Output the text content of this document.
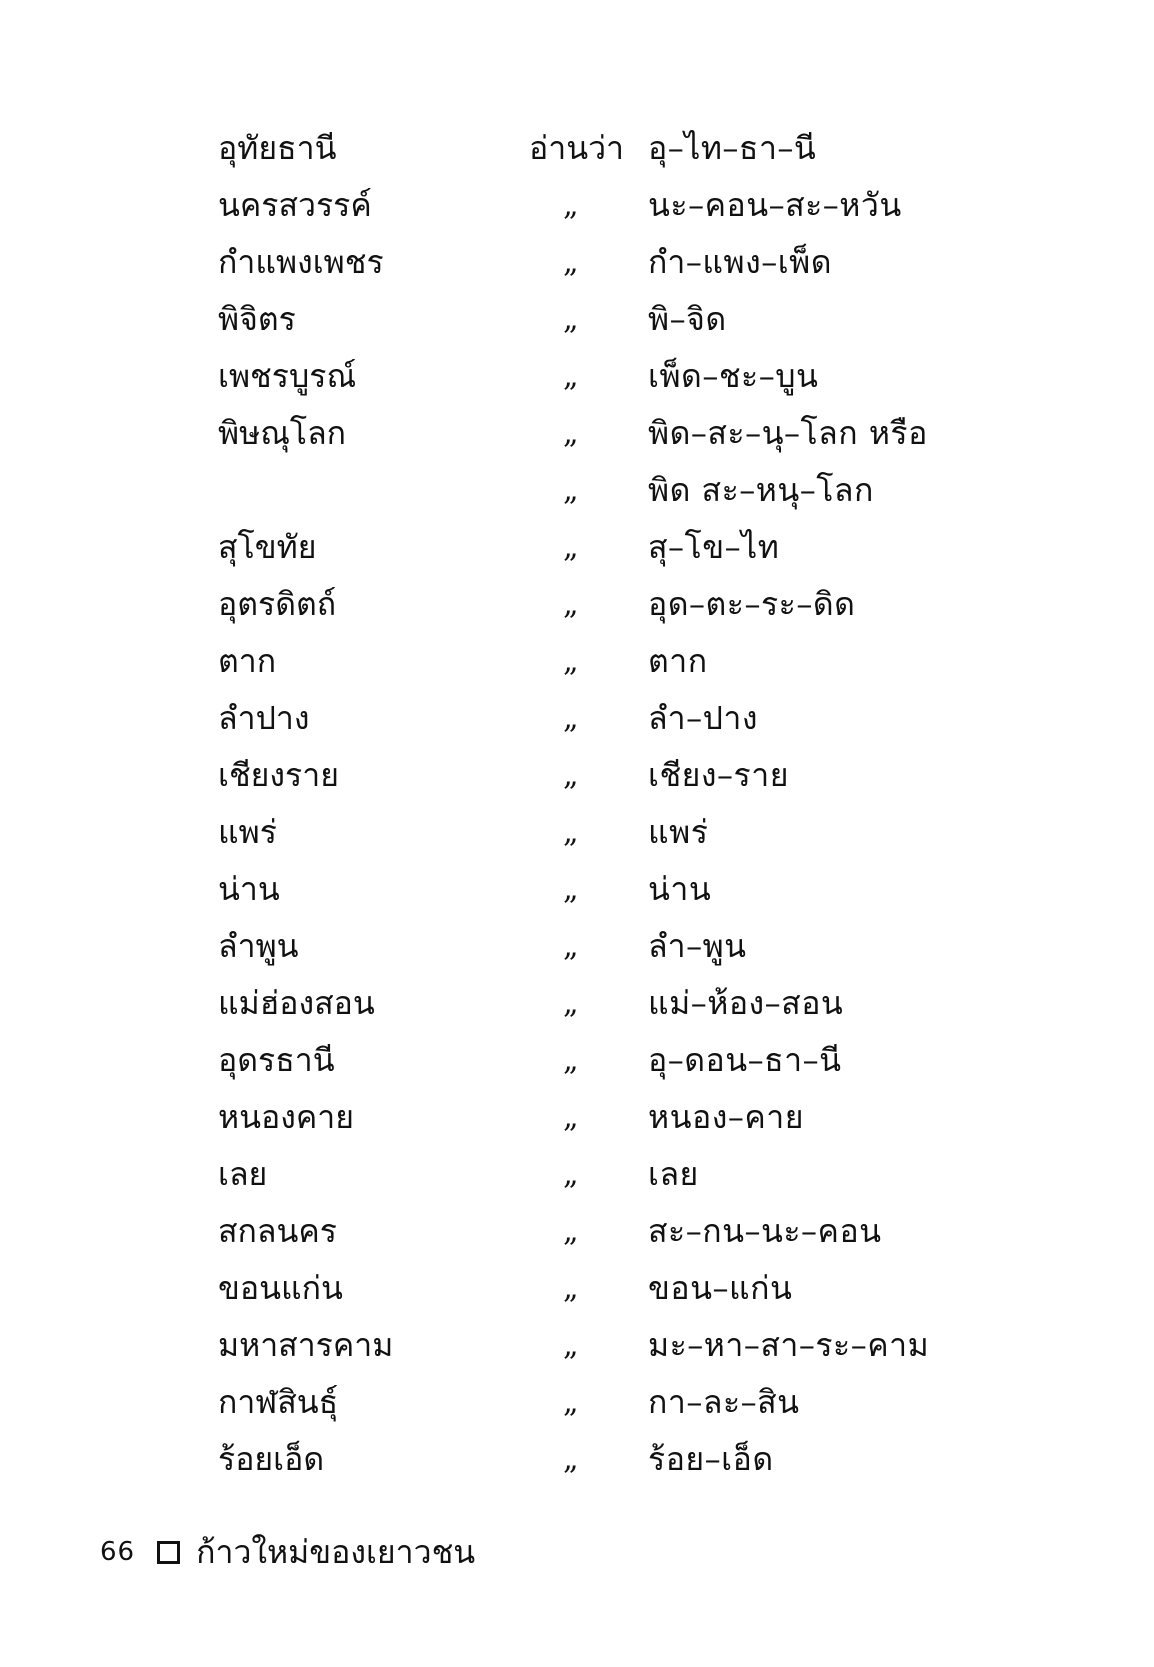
อุทัยธานี	อ่านว่า อุ–ไท–ธา–นี
นครสวรรค์	„ นะ–คอน–สะ–หวัน
กำแพงเพชร	„ กำ–แพง–เพ็ด
พิจิตร	„ พิ–จิด
เพชรบูรณ์	„ เพ็ด–ชะ–บูน
พิษณุโลก	„ พิด–สะ–นุ–โลก หรือ
„ พิด สะ–หนุ–โลก
สุโขทัย	„ สุ–โข–ไท
อุตรดิตถ์	„ อุด–ตะ–ระ–ดิด
ตาก	„ ตาก
ลำปาง	„ ลำ–ปาง
เชียงราย	„ เชียง–ราย
แพร่	„ แพร่
น่าน	„ น่าน
ลำพูน	„ ลำ–พูน
แม่ฮ่องสอน	„ แม่–ห้อง–สอน
อุดรธานี	„ อุ–ดอน–ธา–นี
หนองคาย	„ หนอง–คาย
เลย	„ เลย
สกลนคร	„ สะ–กน–นะ–คอน
ขอนแก่น	„ ขอน–แก่น
มหาสารคาม	„ มะ–หา–สา–ระ–คาม
กาฬสินธุ์	„ กา–ละ–สิน
ร้อยเอ็ด	„ ร้อย–เอ็ด
66 ก้าวใหม่ของเยาวชน
